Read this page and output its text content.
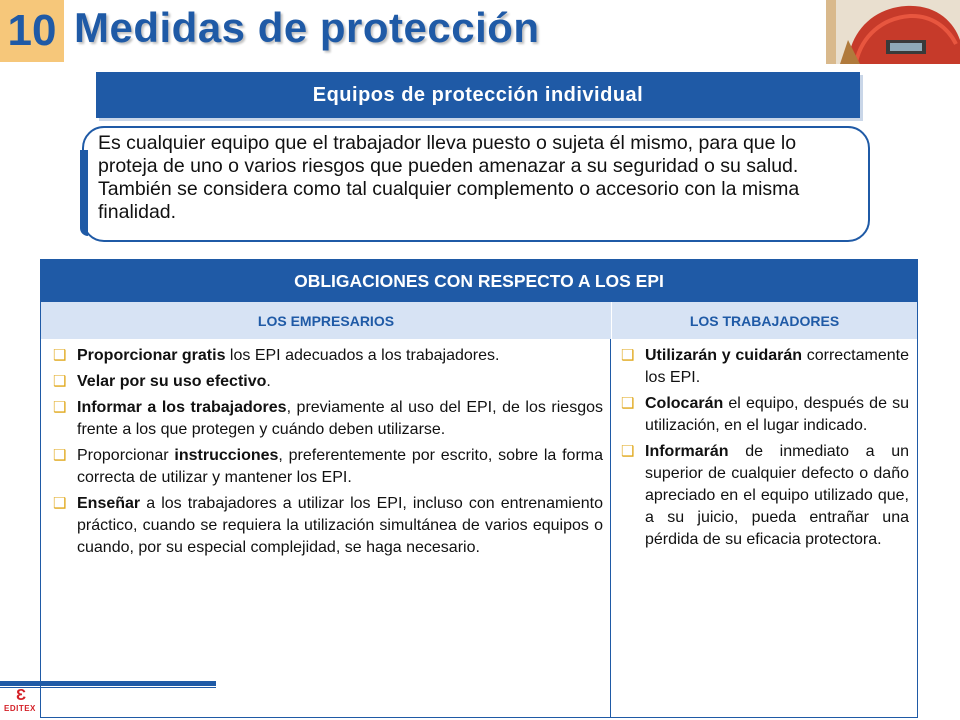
10 Medidas de protección
Equipos de protección individual
Es cualquier equipo que el trabajador lleva puesto o sujeta él mismo, para que lo proteja de uno o varios riesgos que pueden amenazar a su seguridad o su salud. También se considera como tal cualquier complemento o accesorio con la misma finalidad.
OBLIGACIONES CON RESPECTO A LOS EPI
LOS EMPRESARIOS	LOS TRABAJADORES
❑ Proporcionar gratis los EPI adecuados a los trabajadores.
❑ Velar por su uso efectivo.
❑ Informar a los trabajadores, previamente al uso del EPI, de los riesgos frente a los que protegen y cuándo deben utilizarse.
❑ Proporcionar instrucciones, preferentemente por escrito, sobre la forma correcta de utilizar y mantener los EPI.
❑ Enseñar a los trabajadores a utilizar los EPI, incluso con entrenamiento práctico, cuando se requiera la utilización simultánea de varios equipos o cuando, por su especial complejidad, se haga necesario.
❑ Utilizarán y cuidarán correctamente los EPI.
❑ Colocarán el equipo, después de su utilización, en el lugar indicado.
❑ Informarán de inmediato a un superior de cualquier defecto o daño apreciado en el equipo utilizado que, a su juicio, pueda entrañar una pérdida de su eficacia protectora.
Ɛ
EDITEX
